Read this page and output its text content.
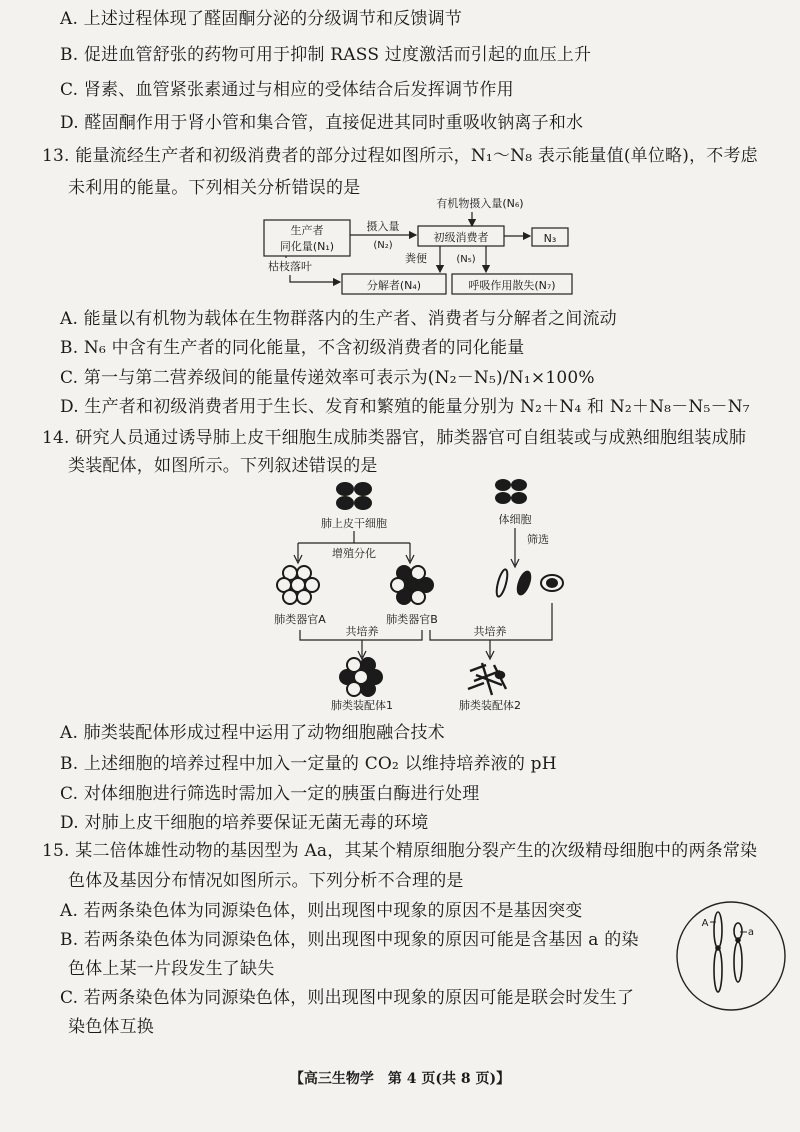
A. 上述过程体现了醛固酮分泌的分级调节和反馈调节
B. 促进血管舒张的药物可用于抑制 RASS 过度激活而引起的血压上升
C. 肾素、血管紧张素通过与相应的受体结合后发挥调节作用
D. 醛固酮作用于肾小管和集合管，直接促进其同时重吸收钠离子和水
13. 能量流经生产者和初级消费者的部分过程如图所示，N₁～N₈ 表示能量值(单位略)，不考虑
未利用的能量。下列相关分析错误的是
生产者
同化量(N₁)
摄入量
(N₂)
有机物摄入量(N₆)
初级消费者	N₃
枯枝落叶
粪便	(N₅)
分解者(N₄)	呼吸作用散失(N₇)
A. 能量以有机物为载体在生物群落内的生产者、消费者与分解者之间流动
B. N₆ 中含有生产者的同化能量，不含初级消费者的同化能量
C. 第一与第二营养级间的能量传递效率可表示为(N₂－N₅)/N₁×100%
D. 生产者和初级消费者用于生长、发育和繁殖的能量分别为 N₂＋N₄ 和 N₂＋N₈－N₅－N₇
14. 研究人员通过诱导肺上皮干细胞生成肺类器官，肺类器官可自组装或与成熟细胞组装成肺
类装配体，如图所示。下列叙述错误的是
肺上皮干细胞	体细胞
筛选
增殖分化
肺类器官A	肺类器官B
共培养	共培养
肺类装配体1	肺类装配体2
A. 肺类装配体形成过程中运用了动物细胞融合技术
B. 上述细胞的培养过程中加入一定量的 CO₂ 以维持培养液的 pH
C. 对体细胞进行筛选时需加入一定的胰蛋白酶进行处理
D. 对肺上皮干细胞的培养要保证无菌无毒的环境
15. 某二倍体雄性动物的基因型为 Aa，其某个精原细胞分裂产生的次级精母细胞中的两条常染
色体及基因分布情况如图所示。下列分析不合理的是
A. 若两条染色体为同源染色体，则出现图中现象的原因不是基因突变
B. 若两条染色体为同源染色体，则出现图中现象的原因可能是含基因 a 的染
色体上某一片段发生了缺失
C. 若两条染色体为同源染色体，则出现图中现象的原因可能是联会时发生了
染色体互换
A
a
【高三生物学　第 4 页(共 8 页)】
